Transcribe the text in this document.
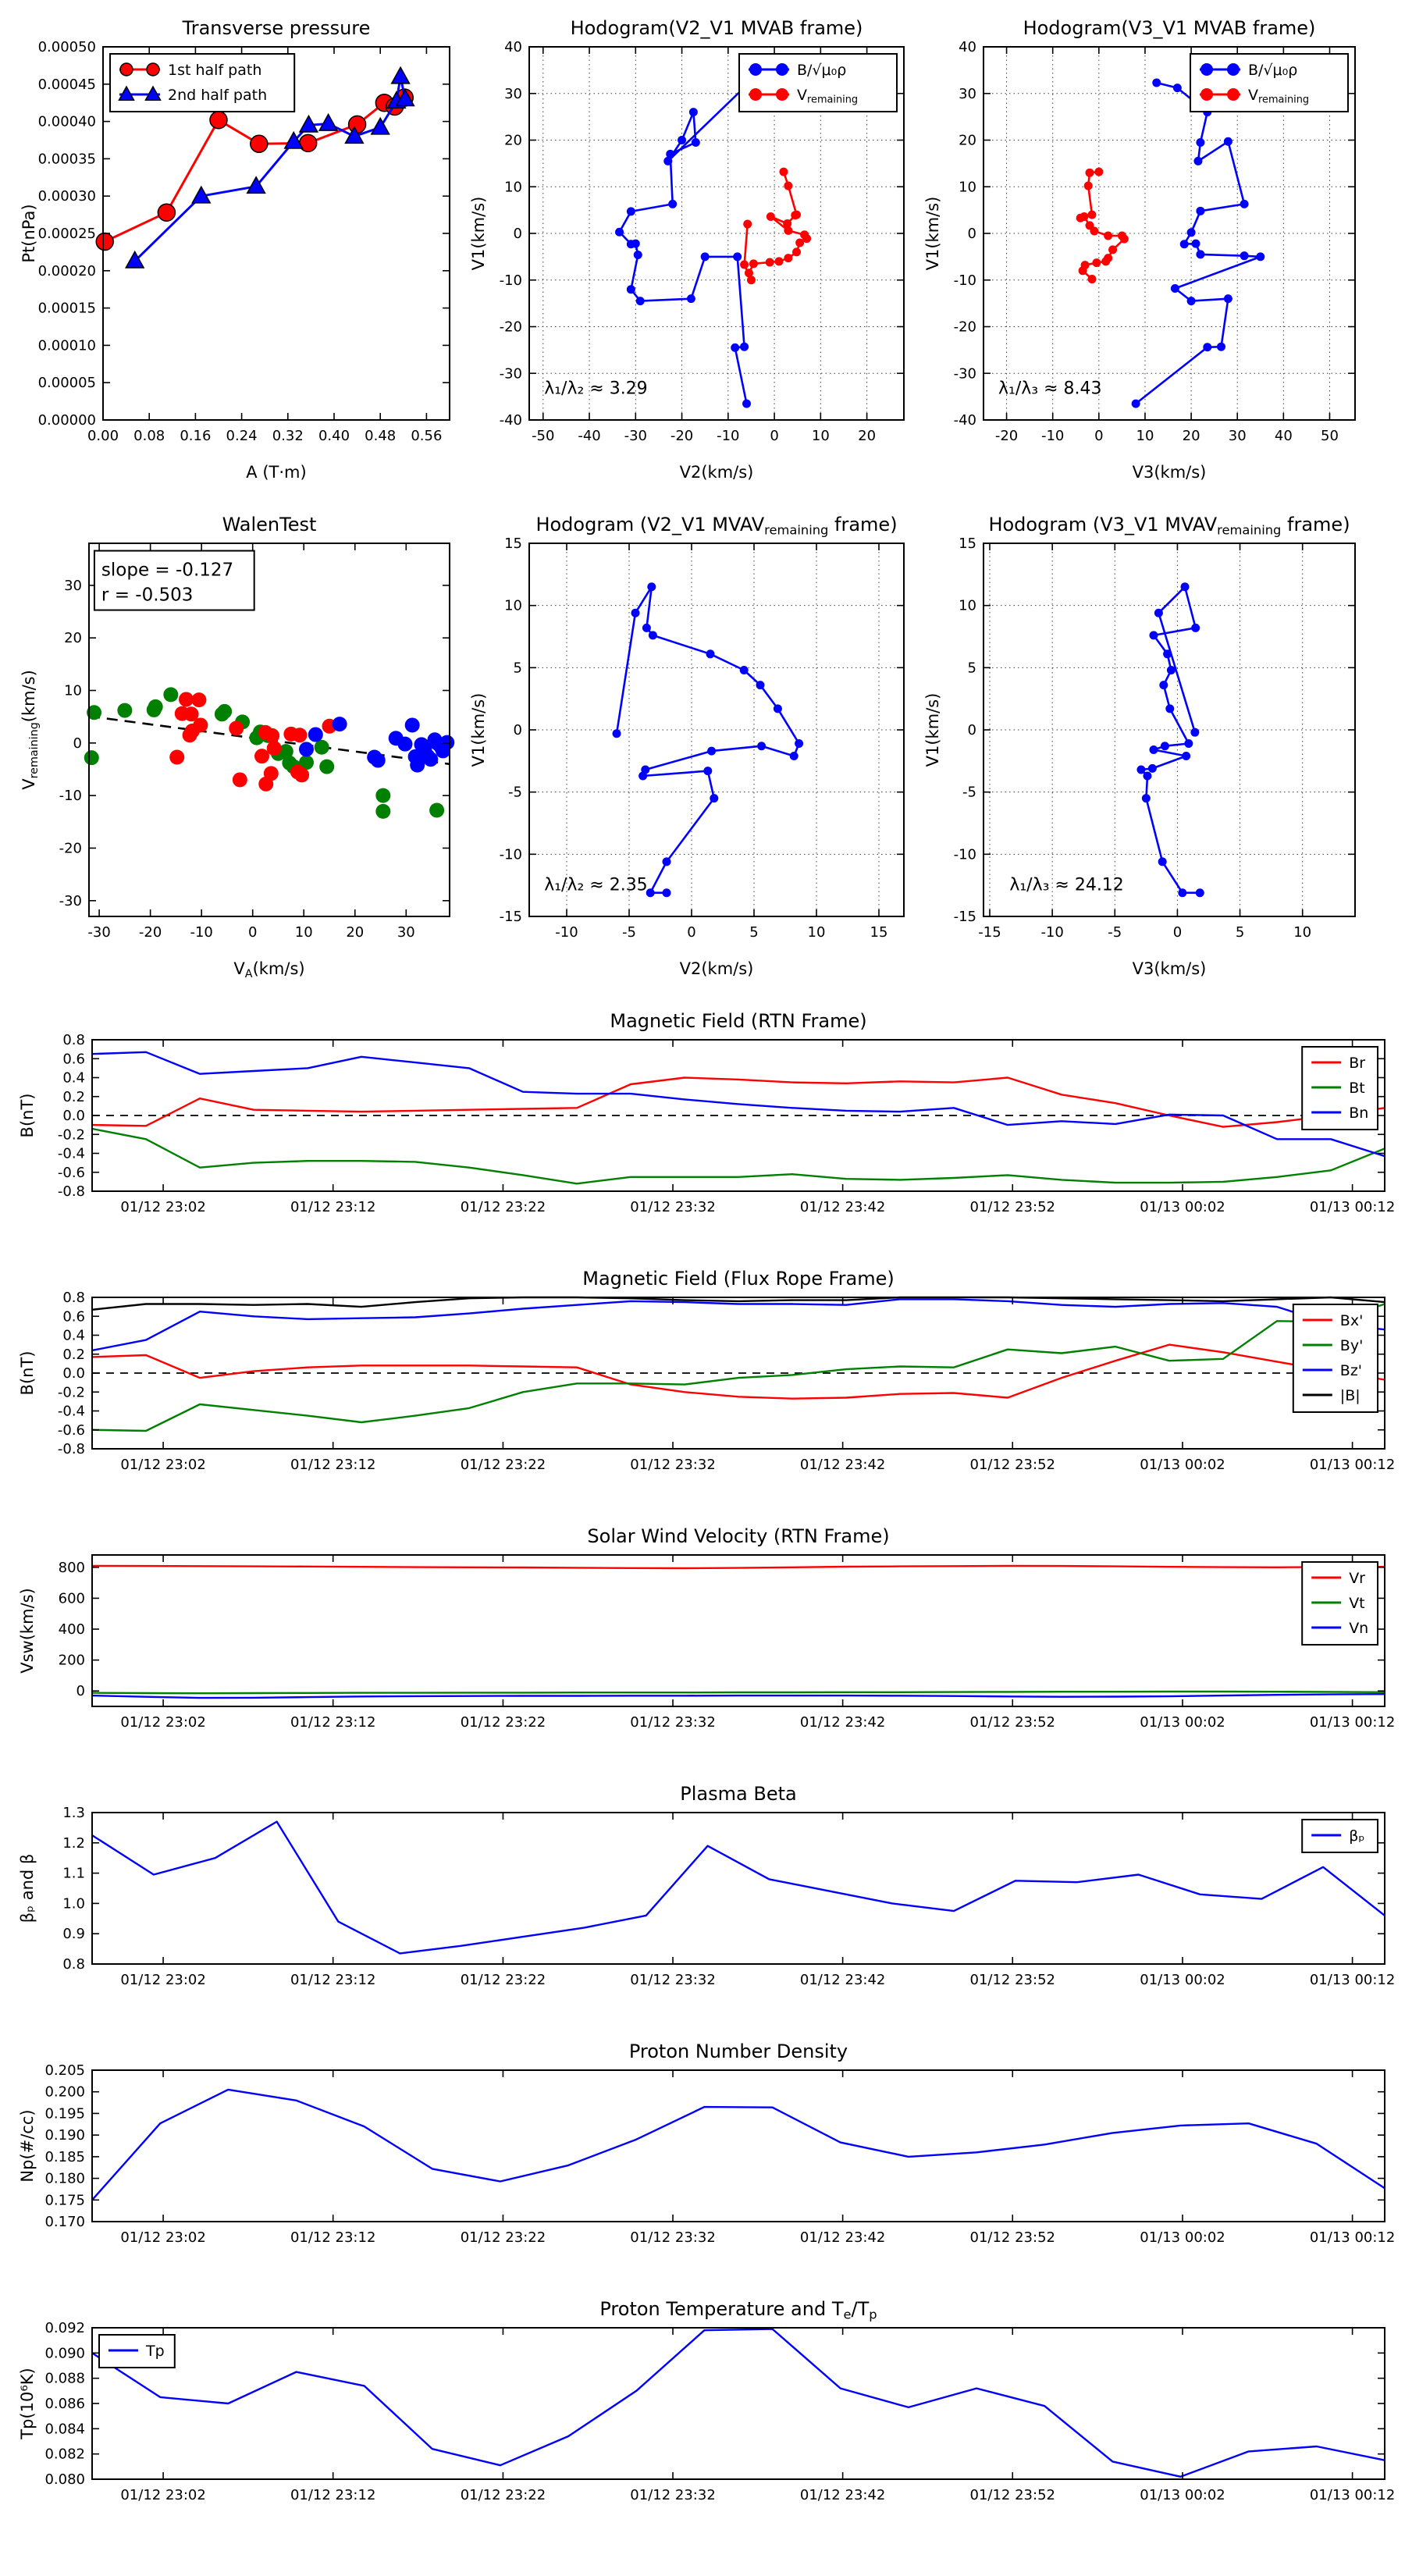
0.00 0.08 0.16 0.24 0.32 0.40 0.48 0.56
0.00000
0.00005
0.00010
0.00015
0.00020
0.00025
0.00030
0.00035
0.00040
0.00045
0.00050
Transverse pressure
A (T·m)
Pt(nPa)
1st half path
2nd half path
-50 -40 -30 -20 -10 0 10 20
-40
-30
-20
-10
0
10
20
30
40
Hodogram(V2_V1 MVAB frame)
V2(km/s)
V1(km/s)
B/√μ₀ρ
Vremaining
λ₁/λ₂ ≈ 3.29
-20 -10 0 10 20 30 40 50
-40
-30
-20
-10
0
10
20
30
40
Hodogram(V3_V1 MVAB frame)
V3(km/s)
V1(km/s)
B/√μ₀ρ
Vremaining
λ₁/λ₃ ≈ 8.43
-30 -20 -10	0	10 20 30
-30
-20
-10
0
10
20
30
WalenTest
VA(km/s)
Vremaining(km/s)
slope = -0.127
r = -0.503
-10	-5	0	5	10	15
-15
-10
-5
0
5
10
15
Hodogram (V2_V1 MVAVremaining frame)
V2(km/s)
V1(km/s)
λ₁/λ₂ ≈ 2.35
-15	-10	-5	0	5	10
-15
-10
-5
0
5
10
15
Hodogram (V3_V1 MVAVremaining frame)
V3(km/s)
V1(km/s)
λ₁/λ₃ ≈ 24.12
01/12 23:02	01/12 23:12	01/12 23:22	01/12 23:32	01/12 23:42	01/12 23:52	01/13 00:02	01/13 00:12
-0.8
-0.6
-0.4
-0.2
0.0
0.2
0.4
0.6
0.8
Magnetic Field (RTN Frame)
B(nT)
Br
Bt
Bn
01/12 23:02	01/12 23:12	01/12 23:22	01/12 23:32	01/12 23:42	01/12 23:52	01/13 00:02	01/13 00:12
-0.8
-0.6
-0.4
-0.2
0.0
0.2
0.4
0.6
0.8
Magnetic Field (Flux Rope Frame)
B(nT)
Bx'
By'
Bz'
|B|
01/12 23:02	01/12 23:12	01/12 23:22	01/12 23:32	01/12 23:42	01/12 23:52	01/13 00:02	01/13 00:12
0
200
400
600
800
Solar Wind Velocity (RTN Frame)
Vsw(km/s)
Vr
Vt
Vn
01/12 23:02	01/12 23:12	01/12 23:22	01/12 23:32	01/12 23:42	01/12 23:52	01/13 00:02	01/13 00:12
0.8
0.9
1.0
1.1
1.2
1.3
Plasma Beta
βₚ and β
βₚ
01/12 23:02	01/12 23:12	01/12 23:22	01/12 23:32	01/12 23:42	01/12 23:52	01/13 00:02	01/13 00:12
0.170
0.175
0.180
0.185
0.190
0.195
0.200
0.205
Proton Number Density
Np(#/cc)
01/12 23:02	01/12 23:12	01/12 23:22	01/12 23:32	01/12 23:42	01/12 23:52	01/13 00:02	01/13 00:12
0.080
0.082
0.084
0.086
0.088
0.090
0.092
Proton Temperature and Te/Tp
Tp(10⁶K)
Tp
